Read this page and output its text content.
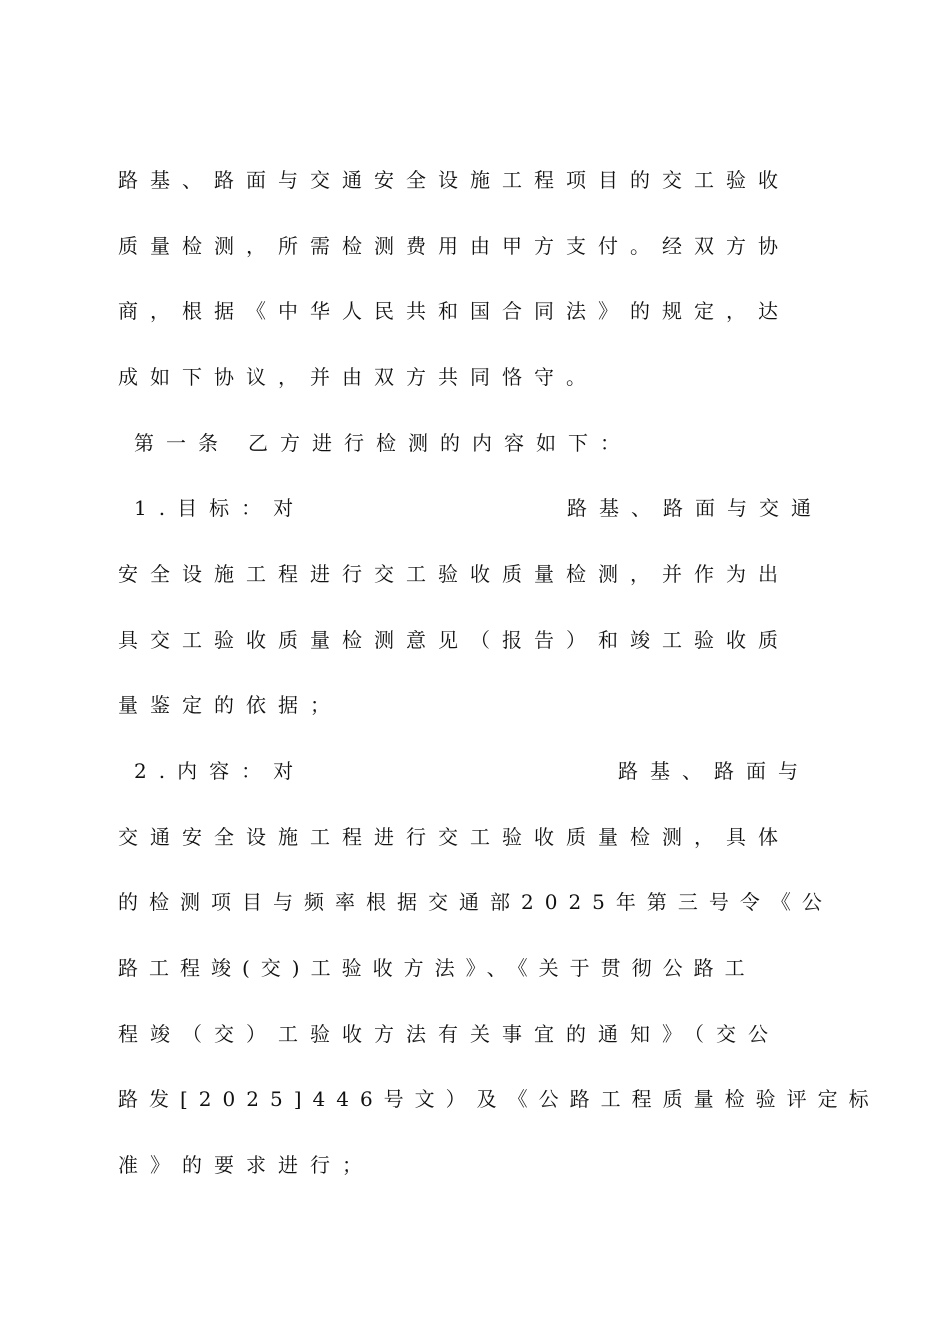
路基、路面与交通安全设施工程项目的交工验收
质量检测，所需检测费用由甲方支付。经双方协
商，根据《中华人民共和国合同法》的规定，达
成如下协议，并由双方共同恪守。
第一条 乙方进行检测的内容如下：
1.目标：对	路基、路面与交通
安全设施工程进行交工验收质量检测，并作为出
具交工验收质量检测意见（报告）和竣工验收质
量鉴定的依据；
2.内容：对	路基、路面与
交通安全设施工程进行交工验收质量检测，具体
的检测项目与频率根据交通部2025年第三号令《公
路工程竣(交)工验收方法》、《关于贯彻公路工
程竣（交）工验收方法有关事宜的通知》（交公
路发[2025]446号文）及《公路工程质量检验评定标
准》的要求进行；
